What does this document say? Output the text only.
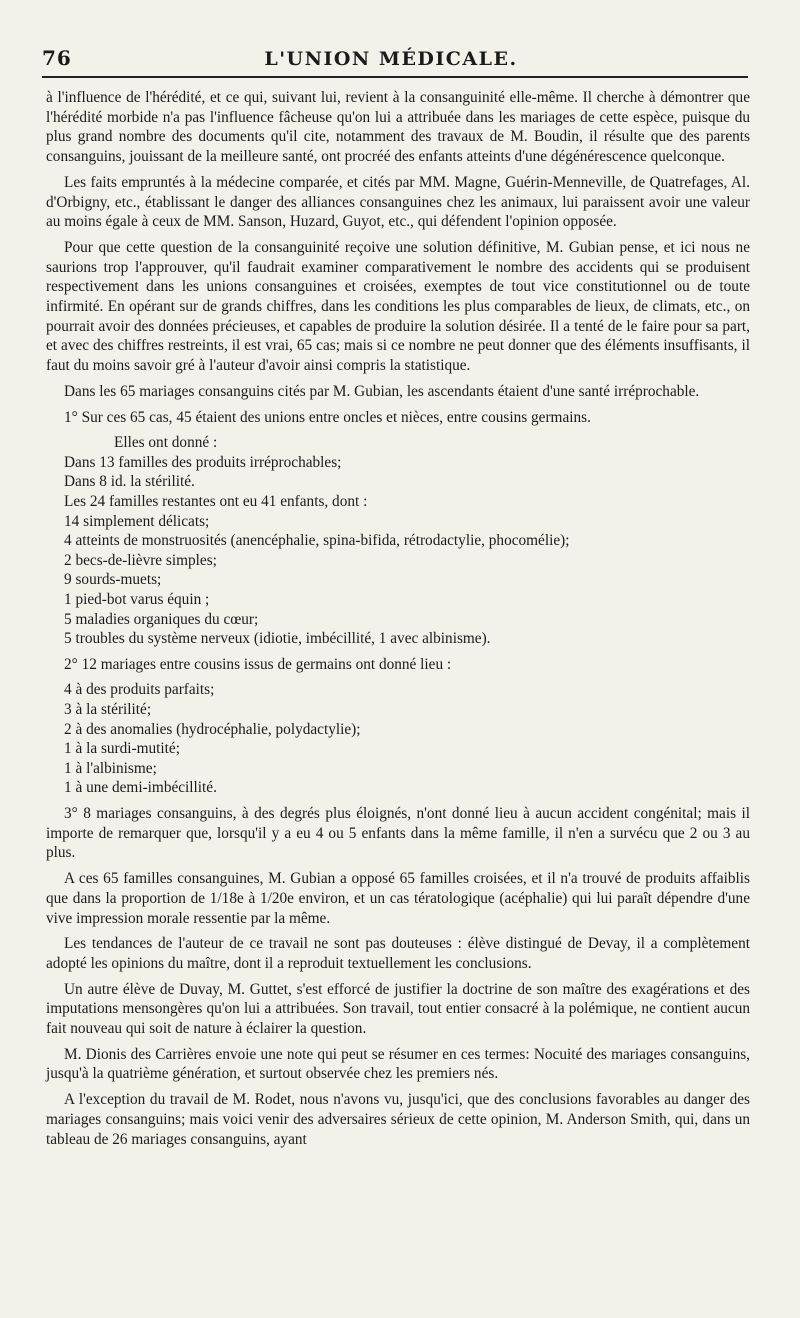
76	L'UNION MÉDICALE.

à l'influence de l'hérédité, et ce qui, suivant lui, revient à la consanguinité elle-même. Il cherche à démontrer que l'hérédité morbide n'a pas l'influence fâcheuse qu'on lui a attribuée dans les mariages de cette espèce, puisque du plus grand nombre des documents qu'il cite, notamment des travaux de M. Boudin, il résulte que des parents consanguins, jouissant de la meilleure santé, ont procréé des enfants atteints d'une dégénérescence quelconque.

Les faits empruntés à la médecine comparée, et cités par MM. Magne, Guérin-Menneville, de Quatrefages, Al. d'Orbigny, etc., établissant le danger des alliances consanguines chez les animaux, lui paraissent avoir une valeur au moins égale à ceux de MM. Sanson, Huzard, Guyot, etc., qui défendent l'opinion opposée.

Pour que cette question de la consanguinité reçoive une solution définitive, M. Gubian pense, et ici nous ne saurions trop l'approuver, qu'il faudrait examiner comparativement le nombre des accidents qui se produisent respectivement dans les unions consanguines et croisées, exemptes de tout vice constitutionnel ou de toute infirmité. En opérant sur de grands chiffres, dans les conditions les plus comparables de lieux, de climats, etc., on pourrait avoir des données précieuses, et capables de produire la solution désirée. Il a tenté de le faire pour sa part, et avec des chiffres restreints, il est vrai, 65 cas; mais si ce nombre ne peut donner que des éléments insuffisants, il faut du moins savoir gré à l'auteur d'avoir ainsi compris la statistique.

Dans les 65 mariages consanguins cités par M. Gubian, les ascendants étaient d'une santé irréprochable.

1° Sur ces 65 cas, 45 étaient des unions entre oncles et nièces, entre cousins germains.

Elles ont donné :
Dans 13 familles des produits irréprochables;
Dans 8 id. la stérilité.
Les 24 familles restantes ont eu 41 enfants, dont :
14 simplement délicats;
4 atteints de monstruosités (anencéphalie, spina-bifida, rétrodactylie, phocomélie);
2 becs-de-lièvre simples;
9 sourds-muets;
1 pied-bot varus équin ;
5 maladies organiques du cœur;
5 troubles du système nerveux (idiotie, imbécillité, 1 avec albinisme).

2° 12 mariages entre cousins issus de germains ont donné lieu :

4 à des produits parfaits;
3 à la stérilité;
2 à des anomalies (hydrocéphalie, polydactylie);
1 à la surdi-mutité;
1 à l'albinisme;
1 à une demi-imbécillité.

3° 8 mariages consanguins, à des degrés plus éloignés, n'ont donné lieu à aucun accident congénital; mais il importe de remarquer que, lorsqu'il y a eu 4 ou 5 enfants dans la même famille, il n'en a survécu que 2 ou 3 au plus.

A ces 65 familles consanguines, M. Gubian a opposé 65 familles croisées, et il n'a trouvé de produits affaiblis que dans la proportion de 1/18e à 1/20e environ, et un cas tératologique (acéphalie) qui lui paraît dépendre d'une vive impression morale ressentie par la même.

Les tendances de l'auteur de ce travail ne sont pas douteuses : élève distingué de Devay, il a complètement adopté les opinions du maître, dont il a reproduit textuellement les conclusions.

Un autre élève de Duvay, M. Guttet, s'est efforcé de justifier la doctrine de son maître des exagérations et des imputations mensongères qu'on lui a attribuées. Son travail, tout entier consacré à la polémique, ne contient aucun fait nouveau qui soit de nature à éclairer la question.

M. Dionis des Carrières envoie une note qui peut se résumer en ces termes: Nocuité des mariages consanguins, jusqu'à la quatrième génération, et surtout observée chez les premiers nés.

A l'exception du travail de M. Rodet, nous n'avons vu, jusqu'ici, que des conclusions favorables au danger des mariages consanguins; mais voici venir des adversaires sérieux de cette opinion, M. Anderson Smith, qui, dans un tableau de 26 mariages consanguins, ayant
